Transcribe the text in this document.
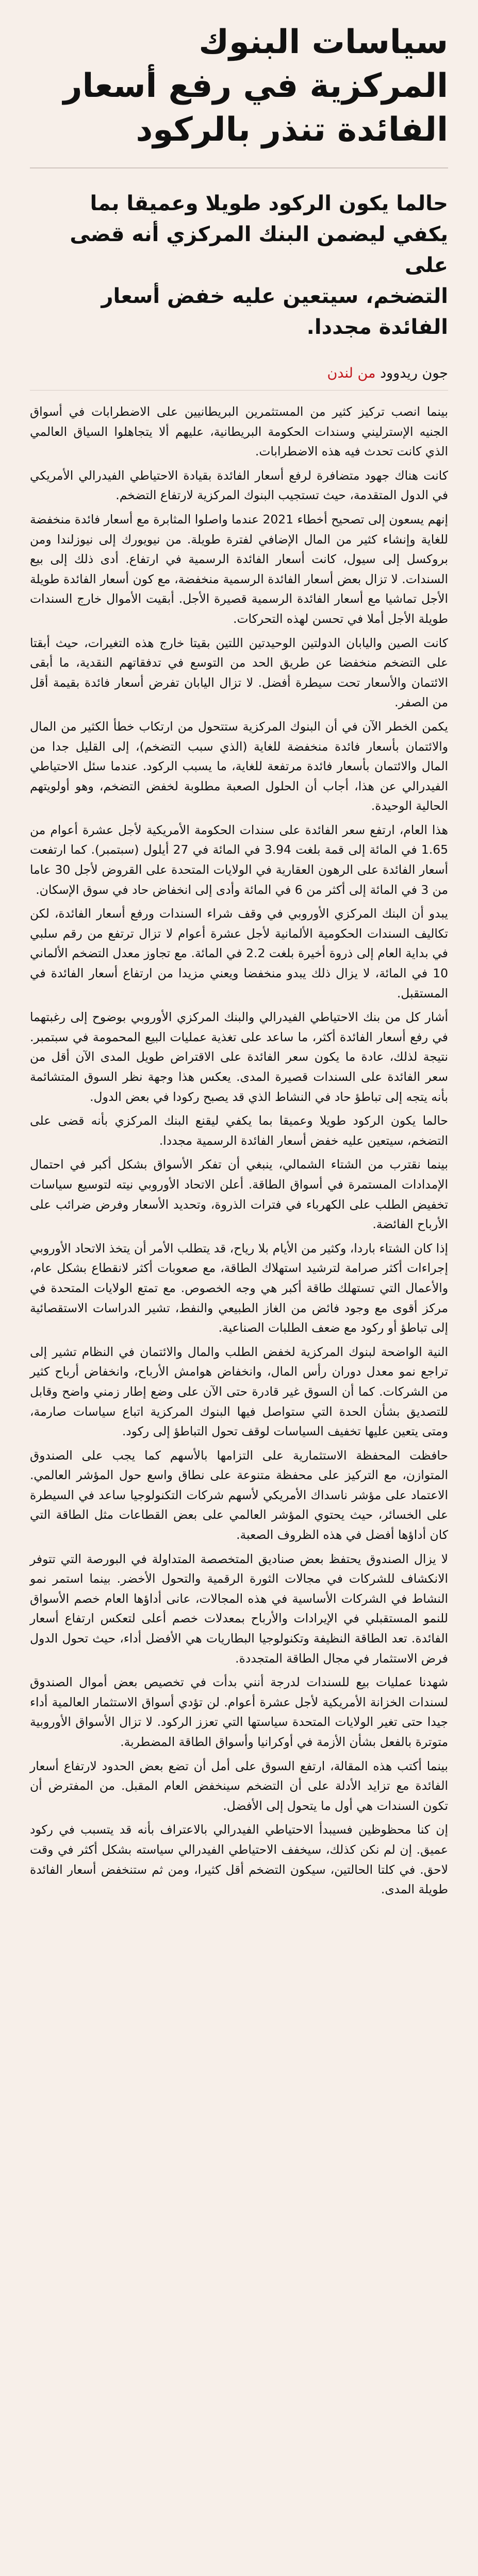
سياسات البنوك
المركزية في رفع أسعار
الفائدة تنذر بالركود

حالما يكون الركود طويلا وعميقا بما
يكفي ليضمن البنك المركزي أنه قضى على
التضخم، سيتعين عليه خفض أسعار
الفائدة مجددا.

جون ريدوود من لندن

بينما انصب تركيز كثير من المستثمرين البريطانيين على الاضطرابات في أسواق الجنيه الإسترليني وسندات الحكومة البريطانية، عليهم ألا يتجاهلوا السياق العالمي الذي كانت تحدث فيه هذه الاضطرابات.

كانت هناك جهود متضافرة لرفع أسعار الفائدة بقيادة الاحتياطي الفيدرالي الأمريكي في الدول المتقدمة، حيث تستجيب البنوك المركزية لارتفاع التضخم.

إنهم يسعون إلى تصحيح أخطاء 2021 عندما واصلوا المثابرة مع أسعار فائدة منخفضة للغاية وإنشاء كثير من المال الإضافي لفترة طويلة. من نيويورك إلى نيوزلندا ومن بروكسل إلى سيول، كانت أسعار الفائدة الرسمية في ارتفاع. أدى ذلك إلى بيع السندات. لا تزال بعض أسعار الفائدة الرسمية منخفضة، مع كون أسعار الفائدة طويلة الأجل تماشيا مع أسعار الفائدة الرسمية قصيرة الأجل. أبقيت الأموال خارج السندات طويلة الأجل أملا في تحسن لهذه التحركات.

كانت الصين واليابان الدولتين الوحيدتين اللتين بقيتا خارج هذه التغيرات، حيث أبقتا على التضخم منخفضا عن طريق الحد من التوسع في تدفقاتهم النقدية، ما أبقى الائتمان والأسعار تحت سيطرة أفضل. لا تزال اليابان تفرض أسعار فائدة بقيمة أقل من الصفر.

يكمن الخطر الآن في أن البنوك المركزية ستتحول من ارتكاب خطأ الكثير من المال والائتمان بأسعار فائدة منخفضة للغاية (الذي سبب التضخم)، إلى القليل جدا من المال والائتمان بأسعار فائدة مرتفعة للغاية، ما يسبب الركود. عندما سئل الاحتياطي الفيدرالي عن هذا، أجاب أن الحلول الصعبة مطلوبة لخفض التضخم، وهو أولويتهم الحالية الوحيدة.

هذا العام، ارتفع سعر الفائدة على سندات الحكومة الأمريكية لأجل عشرة أعوام من 1.65 في المائة إلى قمة بلغت 3.94 في المائة في 27 أيلول (سبتمبر). كما ارتفعت أسعار الفائدة على الرهون العقارية في الولايات المتحدة على القروض لأجل 30 عاما من 3 في المائة إلى أكثر من 6 في المائة وأدى إلى انخفاض حاد في سوق الإسكان.

يبدو أن البنك المركزي الأوروبي في وقف شراء السندات ورفع أسعار الفائدة، لكن تكاليف السندات الحكومية الألمانية لأجل عشرة أعوام لا تزال ترتفع من رقم سلبي في بداية العام إلى ذروة أخيرة بلغت 2.2 في المائة. مع تجاوز معدل التضخم الألماني 10 في المائة، لا يزال ذلك يبدو منخفضا ويعني مزيدا من ارتفاع أسعار الفائدة في المستقبل.

أشار كل من بنك الاحتياطي الفيدرالي والبنك المركزي الأوروبي بوضوح إلى رغبتهما في رفع أسعار الفائدة أكثر، ما ساعد على تغذية عمليات البيع المحمومة في سبتمبر. نتيجة لذلك، عادة ما يكون سعر الفائدة على الاقتراض طويل المدى الآن أقل من سعر الفائدة على السندات قصيرة المدى. يعكس هذا وجهة نظر السوق المتشائمة بأنه يتجه إلى تباطؤ حاد في النشاط الذي قد يصبح ركودا في بعض الدول.

حالما يكون الركود طويلا وعميقا بما يكفي ليقنع البنك المركزي بأنه قضى على التضخم، سيتعين عليه خفض أسعار الفائدة الرسمية مجددا.

بينما نقترب من الشتاء الشمالي، ينبغي أن تفكر الأسواق بشكل أكبر في احتمال الإمدادات المستمرة في أسواق الطاقة. أعلن الاتحاد الأوروبي نيته لتوسيع سياسات تخفيض الطلب على الكهرباء في فترات الذروة، وتحديد الأسعار وفرض ضرائب على الأرباح الفائضة.

إذا كان الشتاء باردا، وكثير من الأيام بلا رياح، قد يتطلب الأمر أن يتخذ الاتحاد الأوروبي إجراءات أكثر صرامة لترشيد استهلاك الطاقة، مع صعوبات أكثر لانقطاع بشكل عام، والأعمال التي تستهلك طاقة أكبر هي وجه الخصوص. مع تمتع الولايات المتحدة في مركز أقوى مع وجود فائض من الغاز الطبيعي والنفط، تشير الدراسات الاستقصائية إلى تباطؤ أو ركود مع ضعف الطلبات الصناعية.

النية الواضحة لبنوك المركزية لخفض الطلب والمال والائتمان في النظام تشير إلى تراجع نمو معدل دوران رأس المال، وانخفاض هوامش الأرباح، وانخفاض أرباح كثير من الشركات. كما أن السوق غير قادرة حتى الآن على وضع إطار زمني واضح وقابل للتصديق بشأن الحدة التي ستواصل فيها البنوك المركزية اتباع سياسات صارمة، ومتى يتعين عليها تخفيف السياسات لوقف تحول التباطؤ إلى ركود.

حافظت المحفظة الاستثمارية على التزامها بالأسهم كما يجب على الصندوق المتوازن، مع التركيز على محفظة متنوعة على نطاق واسع حول المؤشر العالمي. الاعتماد على مؤشر ناسداك الأمريكي لأسهم شركات التكنولوجيا ساعد في السيطرة على الخسائر، حيث يحتوي المؤشر العالمي على بعض القطاعات مثل الطاقة التي كان أداؤها أفضل في هذه الظروف الصعبة.

لا يزال الصندوق يحتفظ بعض صناديق المتخصصة المتداولة في البورصة التي تتوفر الانكشاف للشركات في مجالات الثورة الرقمية والتحول الأخضر. بينما استمر نمو النشاط في الشركات الأساسية في هذه المجالات، عانى أداؤها العام خصم الأسواق للنمو المستقبلي في الإيرادات والأرباح بمعدلات خصم أعلى لتعكس ارتفاع أسعار الفائدة. تعد الطاقة النظيفة وتكنولوجيا البطاريات هي الأفضل أداء، حيث تحول الدول فرض الاستثمار في مجال الطاقة المتجددة.

شهدنا عمليات بيع للسندات لدرجة أنني بدأت في تخصيص بعض أموال الصندوق لسندات الخزانة الأمريكية لأجل عشرة أعوام. لن تؤدي أسواق الاستثمار العالمية أداء جيدا حتى تغير الولايات المتحدة سياستها التي تعزز الركود. لا تزال الأسواق الأوروبية متوترة بالفعل بشأن الأزمة في أوكرانيا وأسواق الطاقة المضطربة.

بينما أكتب هذه المقالة، ارتفع السوق على أمل أن تضع بعض الحدود لارتفاع أسعار الفائدة مع تزايد الأدلة على أن التضخم سينخفض العام المقبل. من المفترض أن تكون السندات هي أول ما يتحول إلى الأفضل.

إن كنا محظوظين فسيبدأ الاحتياطي الفيدرالي بالاعتراف بأنه قد يتسبب في ركود عميق. إن لم نكن كذلك، سيخفف الاحتياطي الفيدرالي سياسته بشكل أكثر في وقت لاحق. في كلتا الحالتين، سيكون التضخم أقل كثيرا، ومن ثم ستنخفض أسعار الفائدة طويلة المدى.
